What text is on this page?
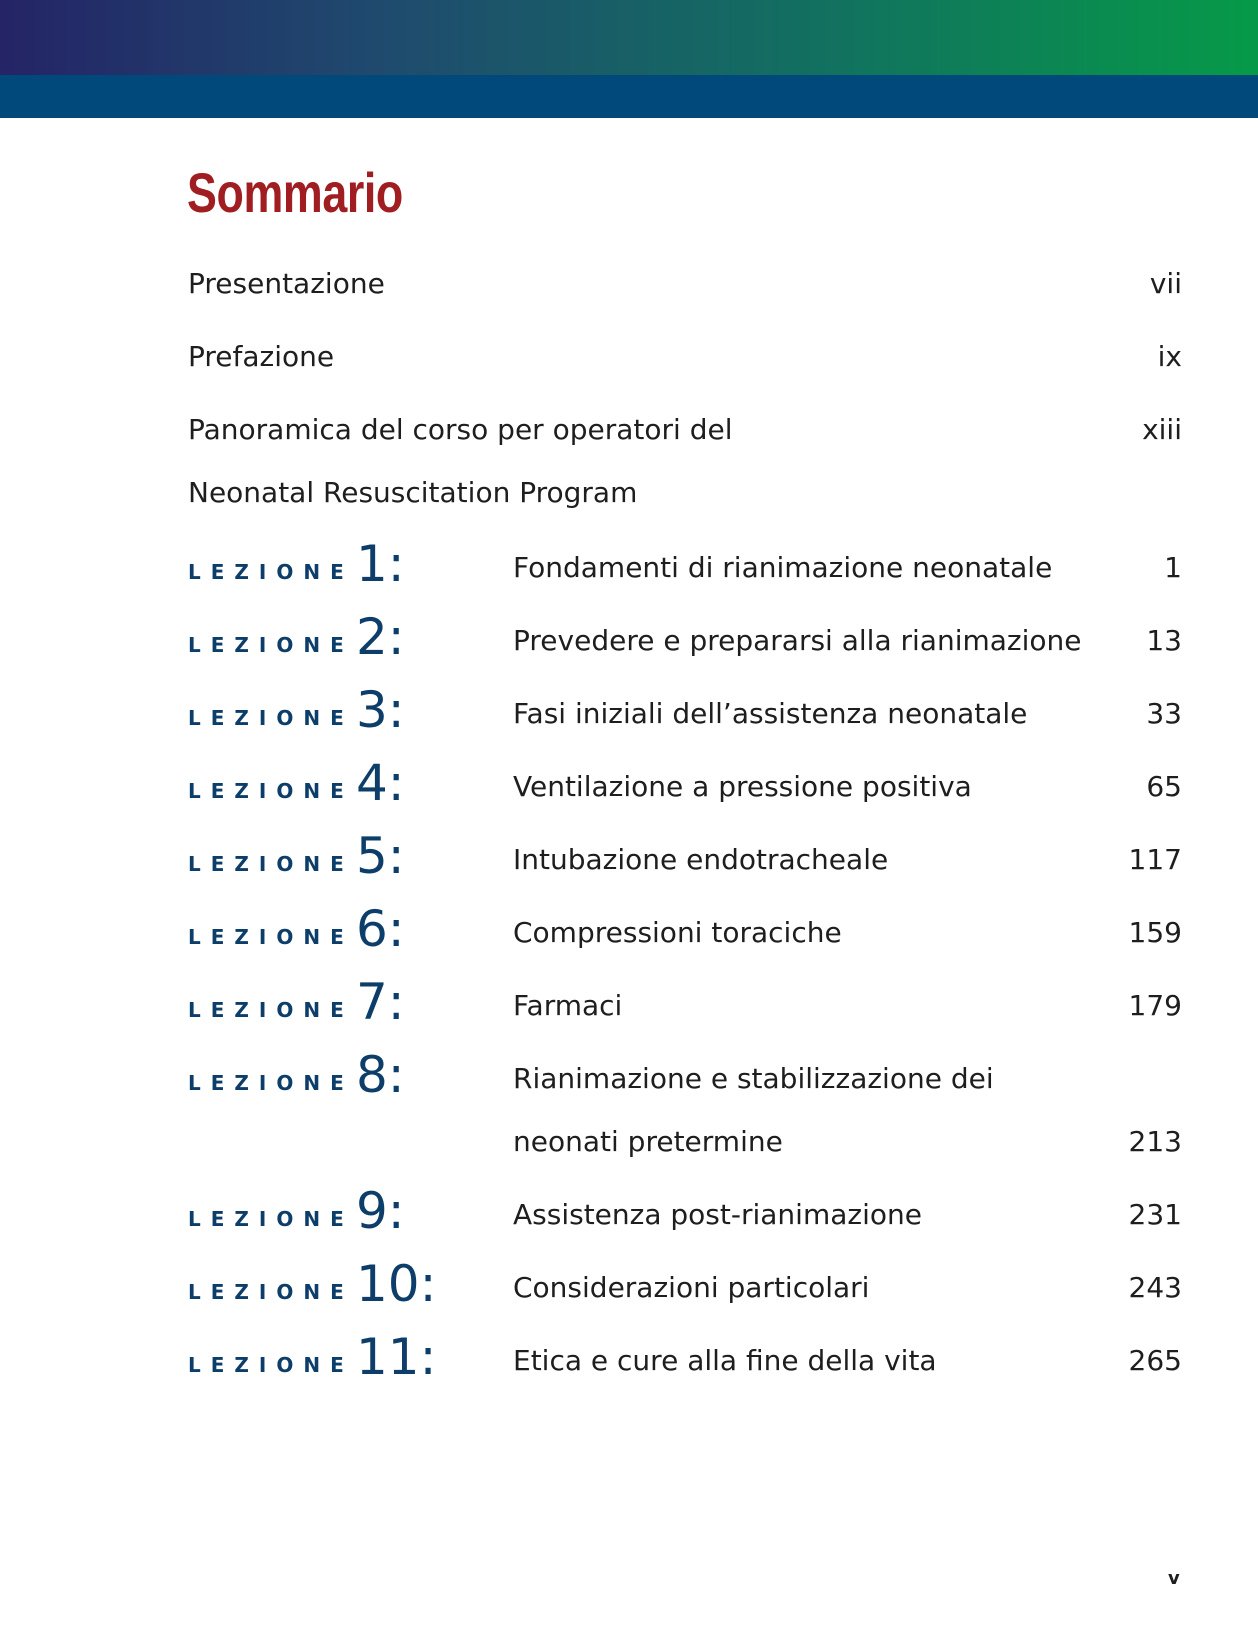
Sommario
Presentazione	vii
Prefazione	ix
Panoramica del corso per operatori del	xiii
Neonatal Resuscitation Program
LEZIONE 1:	Fondamenti di rianimazione neonatale	1
LEZIONE 2:	Prevedere e prepararsi alla rianimazione 13
LEZIONE 3:	Fasi iniziali dell’assistenza neonatale	33
LEZIONE 4:	Ventilazione a pressione positiva	65
LEZIONE 5:	Intubazione endotracheale	117
LEZIONE 6:	Compressioni toraciche	159
LEZIONE 7:	Farmaci	179
LEZIONE 8:	Rianimazione e stabilizzazione dei
neonati pretermine	213
LEZIONE 9:	Assistenza post-rianimazione	231
LEZIONE 10:	Considerazioni particolari	243
LEZIONE 11:	Etica e cure alla fine della vita	265
v
